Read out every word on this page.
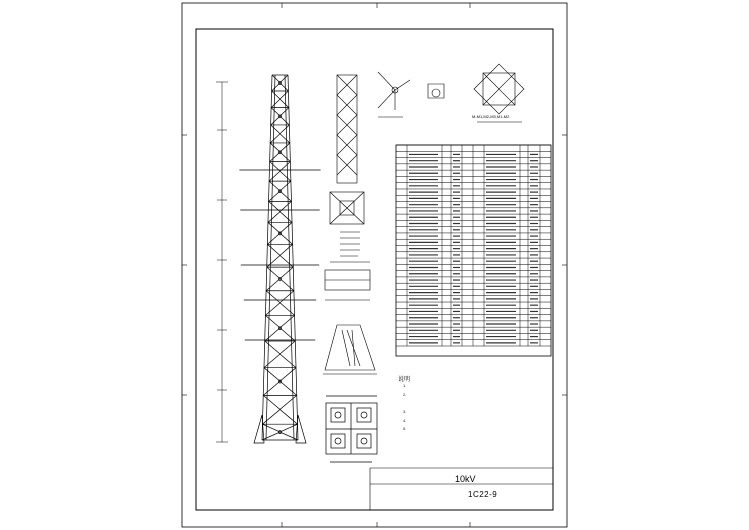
10kV
1C22-9
说明
1.
2.
3.
4.
5.
M-M1,M2-M3,M1-M2
